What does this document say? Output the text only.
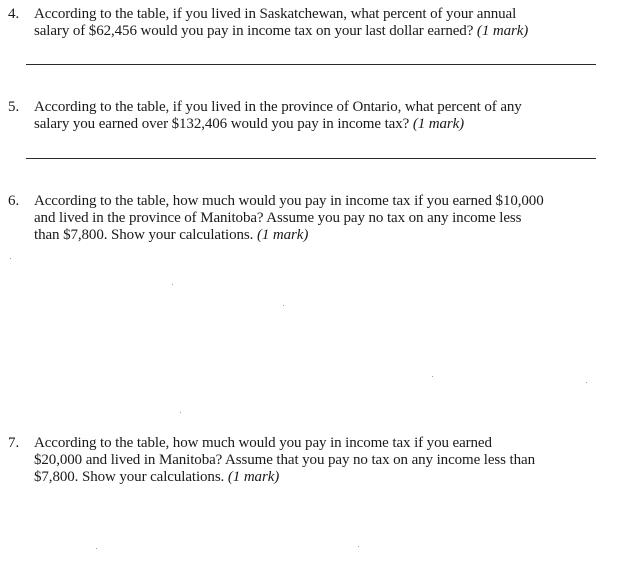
4. According to the table, if you lived in Saskatchewan, what percent of your annual
salary of $62,456 would you pay in income tax on your last dollar earned? (1 mark)
5. According to the table, if you lived in the province of Ontario, what percent of any
salary you earned over $132,406 would you pay in income tax? (1 mark)
6. According to the table, how much would you pay in income tax if you earned $10,000
and lived in the province of Manitoba? Assume you pay no tax on any income less
than $7,800. Show your calculations. (1 mark)
7. According to the table, how much would you pay in income tax if you earned
$20,000 and lived in Manitoba? Assume that you pay no tax on any income less than
$7,800. Show your calculations. (1 mark)
